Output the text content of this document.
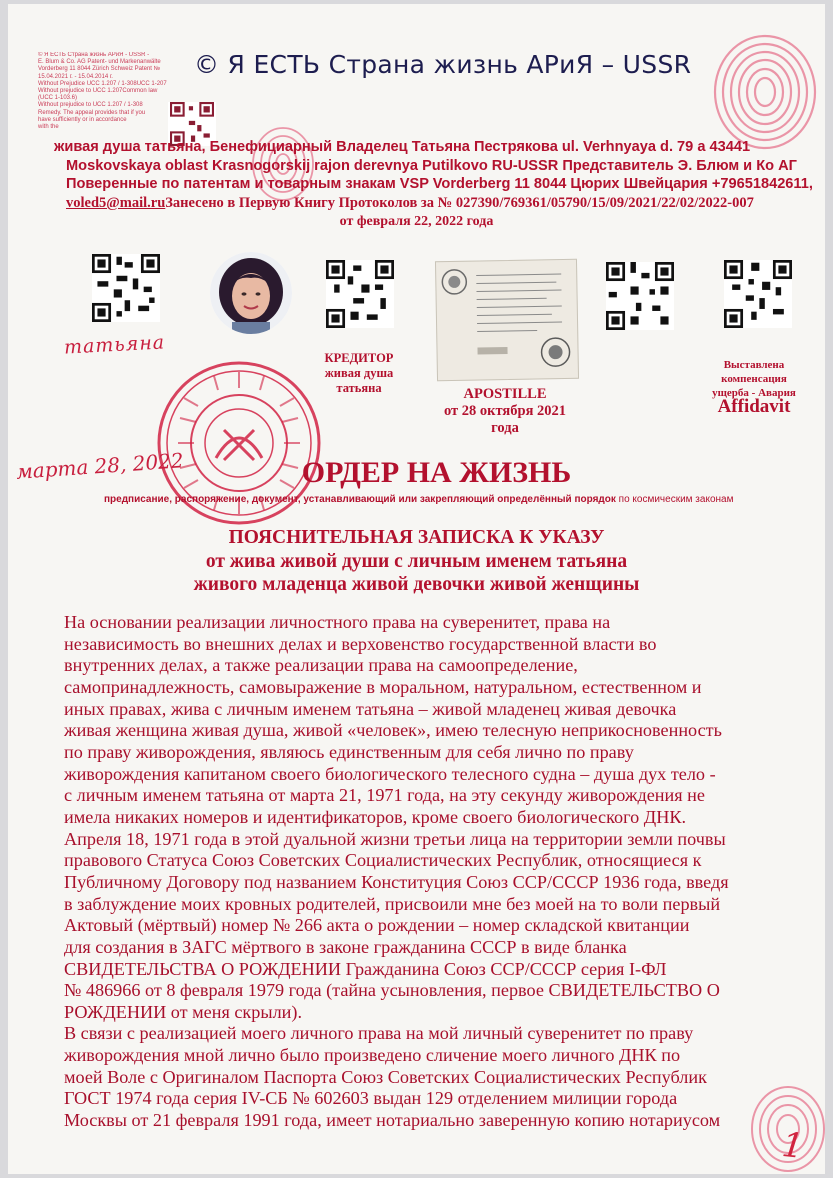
© Я ЕСТЬ Страна жизнь АРиЯ - USSR -
Е. Blum & Co. AG Patent- und Markenanwälte
Vorderberg 11 8044 Zürich Schweiz Patent №
15.04.2021 г. - 15.04.2014 г.
Without Prejudice UCC 1.207 / 1-308UCC 1-207
Without prejudice to UCC 1.207Common law
(UCC 1-103.6)
Without prejudice to UCC 1.207 / 1-308
Remedy. The appeal provides that if you
have sufficiently or in accordance
with the
© Я ЕСТЬ Страна жизнь АРиЯ – USSR
живая душа татьяна, Бенефициарный Владелец Татьяна Пестрякова ul. Verhnyaya d. 79 a 43441
Moskovskaya oblast Krasnogorskij rajon derevnya Putilkovo RU-USSR Представитель Э. Блюм и Ко АГ
Поверенные по патентам и товарным знакам VSP Vorderberg 11 8044 Цюрих Швейцария +79651842611,
voled5@mail.ruЗанесено в Первую Книгу Протоколов за № 027390/769361/05790/15/09/2021/22/02/2022-007
от февраля 22, 2022 года
татьяна	КРЕДИТОР
живая душа
татьяна	APOSTILLE
от 28 октября 2021
года
Выставлена
компенсация
ущерба - Авария
Affidavit
марта 28, 2022	ОРДЕР НА ЖИЗНЬ
предписание, распоряжение, документ, устанавливающий или закрепляющий определённый порядок по космическим законам
ПОЯСНИТЕЛЬНАЯ ЗАПИСКА К УКАЗУ
от жива живой души с личным именем татьяна
живого младенца живой девочки живой женщины
На основании реализации личностного права на суверенитет, права на
независимость во внешних делах и верховенство государственной власти во
внутренних делах, а также реализации права на самоопределение,
самопринадлежность, самовыражение в моральном, натуральном, естественном и
иных правах, жива с личным именем татьяна – живой младенец живая девочка
живая женщина живая душа, живой «человек», имею телесную неприкосновенность
по праву живорождения, являюсь единственным для себя лично по праву
живорождения капитаном своего биологического телесного судна – душа дух тело -
с личным именем татьяна от марта 21, 1971 года, на эту секунду живорождения не
имела никаких номеров и идентификаторов, кроме своего биологического ДНК.
Апреля 18, 1971 года в этой дуальной жизни третьи лица на территории земли почвы
правового Статуса Союз Советских Социалистических Республик, относящиеся к
Публичному Договору под названием Конституция Союз ССР/СССР 1936 года, введя
в заблуждение моих кровных родителей, присвоили мне без моей на то воли первый
Актовый (мёртвый) номер № 266 акта о рождении – номер складской квитанции
для создания в ЗАГС мёртвого в законе гражданина СССР в виде бланка
СВИДЕТЕЛЬСТВА О РОЖДЕНИИ Гражданина Союз ССР/СССР серия I-ФЛ
№ 486966 от 8 февраля 1979 года (тайна усыновления, первое СВИДЕТЕЛЬСТВО О
РОЖДЕНИИ от меня скрыли).
В связи с реализацией моего личного права на мой личный суверенитет по праву
живорождения мной лично было произведено сличение моего личного ДНК по
моей Воле с Оригиналом Паспорта Союз Советских Социалистических Республик
ГОСТ 1974 года серия IV-СБ № 602603 выдан 129 отделением милиции города
Москвы от 21 февраля 1991 года, имеет нотариально заверенную копию нотариусом
1
